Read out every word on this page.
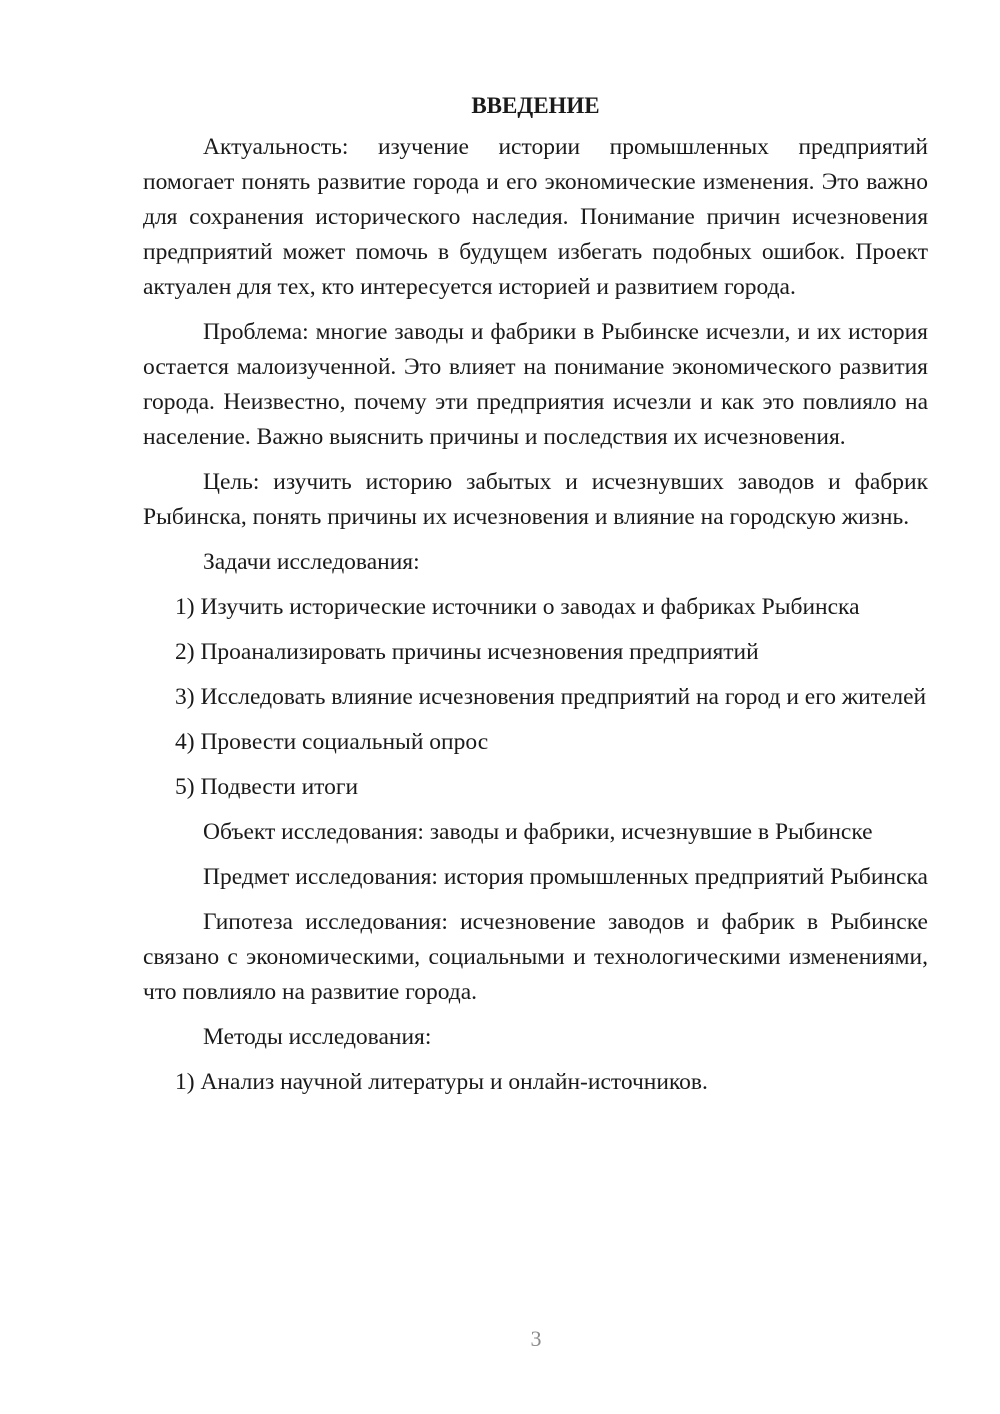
ВВЕДЕНИЕ

Актуальность: изучение истории промышленных предприятий помогает понять развитие города и его экономические изменения. Это важно для сохранения исторического наследия. Понимание причин исчезновения предприятий может помочь в будущем избегать подобных ошибок. Проект актуален для тех, кто интересуется историей и развитием города.

Проблема: многие заводы и фабрики в Рыбинске исчезли, и их история остается малоизученной. Это влияет на понимание экономического развития города. Неизвестно, почему эти предприятия исчезли и как это повлияло на население. Важно выяснить причины и последствия их исчезновения.

Цель: изучить историю забытых и исчезнувших заводов и фабрик Рыбинска, понять причины их исчезновения и влияние на городскую жизнь.

Задачи исследования:

1) Изучить исторические источники о заводах и фабриках Рыбинска

2) Проанализировать причины исчезновения предприятий

3) Исследовать влияние исчезновения предприятий на город и его жителей

4) Провести социальный опрос

5) Подвести итоги

Объект исследования: заводы и фабрики, исчезнувшие в Рыбинске

Предмет исследования: история промышленных предприятий Рыбинска

Гипотеза исследования: исчезновение заводов и фабрик в Рыбинске связано с экономическими, социальными и технологическими изменениями, что повлияло на развитие города.

Методы исследования:

1) Анализ научной литературы и онлайн-источников.

3
